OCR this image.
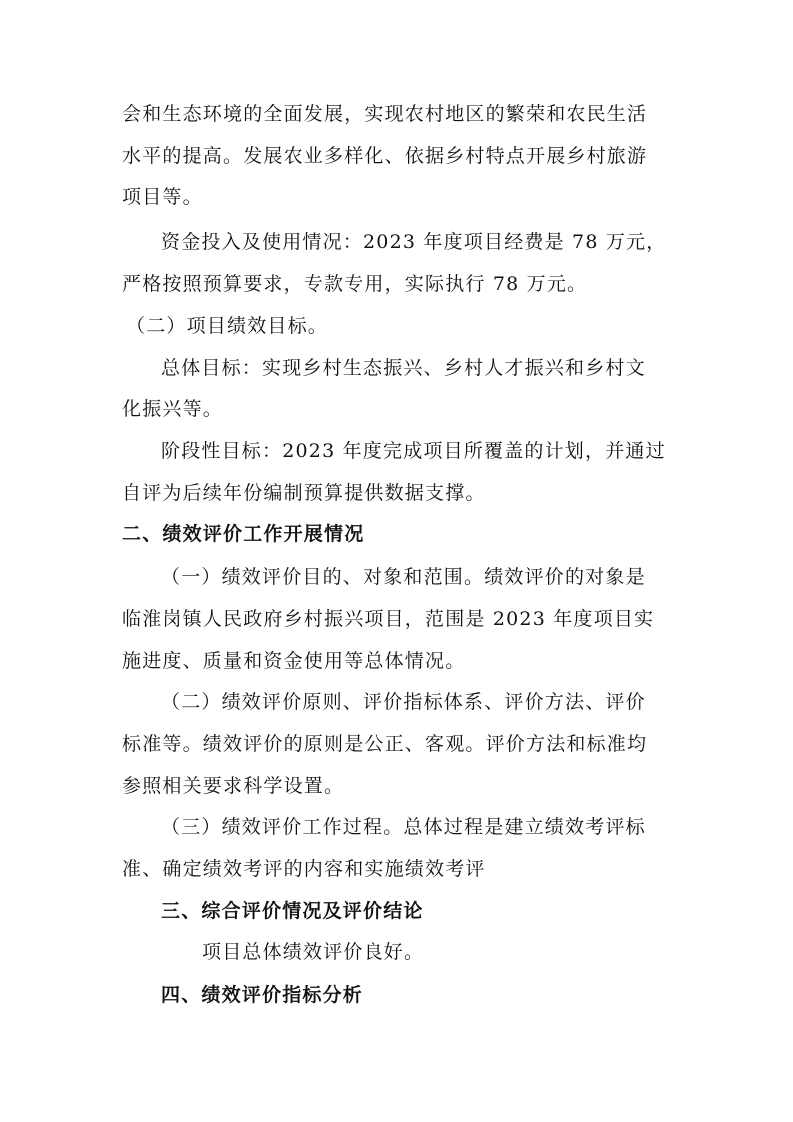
会和生态环境的全面发展，实现农村地区的繁荣和农民生活
水平的提高。发展农业多样化、依据乡村特点开展乡村旅游
项目等。
资金投入及使用情况：2023 年度项目经费是 78 万元，
严格按照预算要求，专款专用，实际执行 78 万元。
（二）项目绩效目标。
总体目标：实现乡村生态振兴、乡村人才振兴和乡村文
化振兴等。
阶段性目标：2023 年度完成项目所覆盖的计划，并通过
自评为后续年份编制预算提供数据支撑。
二、绩效评价工作开展情况
（一）绩效评价目的、对象和范围。绩效评价的对象是
临淮岗镇人民政府乡村振兴项目，范围是 2023 年度项目实
施进度、质量和资金使用等总体情况。
（二）绩效评价原则、评价指标体系、评价方法、评价
标准等。绩效评价的原则是公正、客观。评价方法和标准均
参照相关要求科学设置。
（三）绩效评价工作过程。总体过程是建立绩效考评标
准、确定绩效考评的内容和实施绩效考评
三、综合评价情况及评价结论
项目总体绩效评价良好。
四、绩效评价指标分析
